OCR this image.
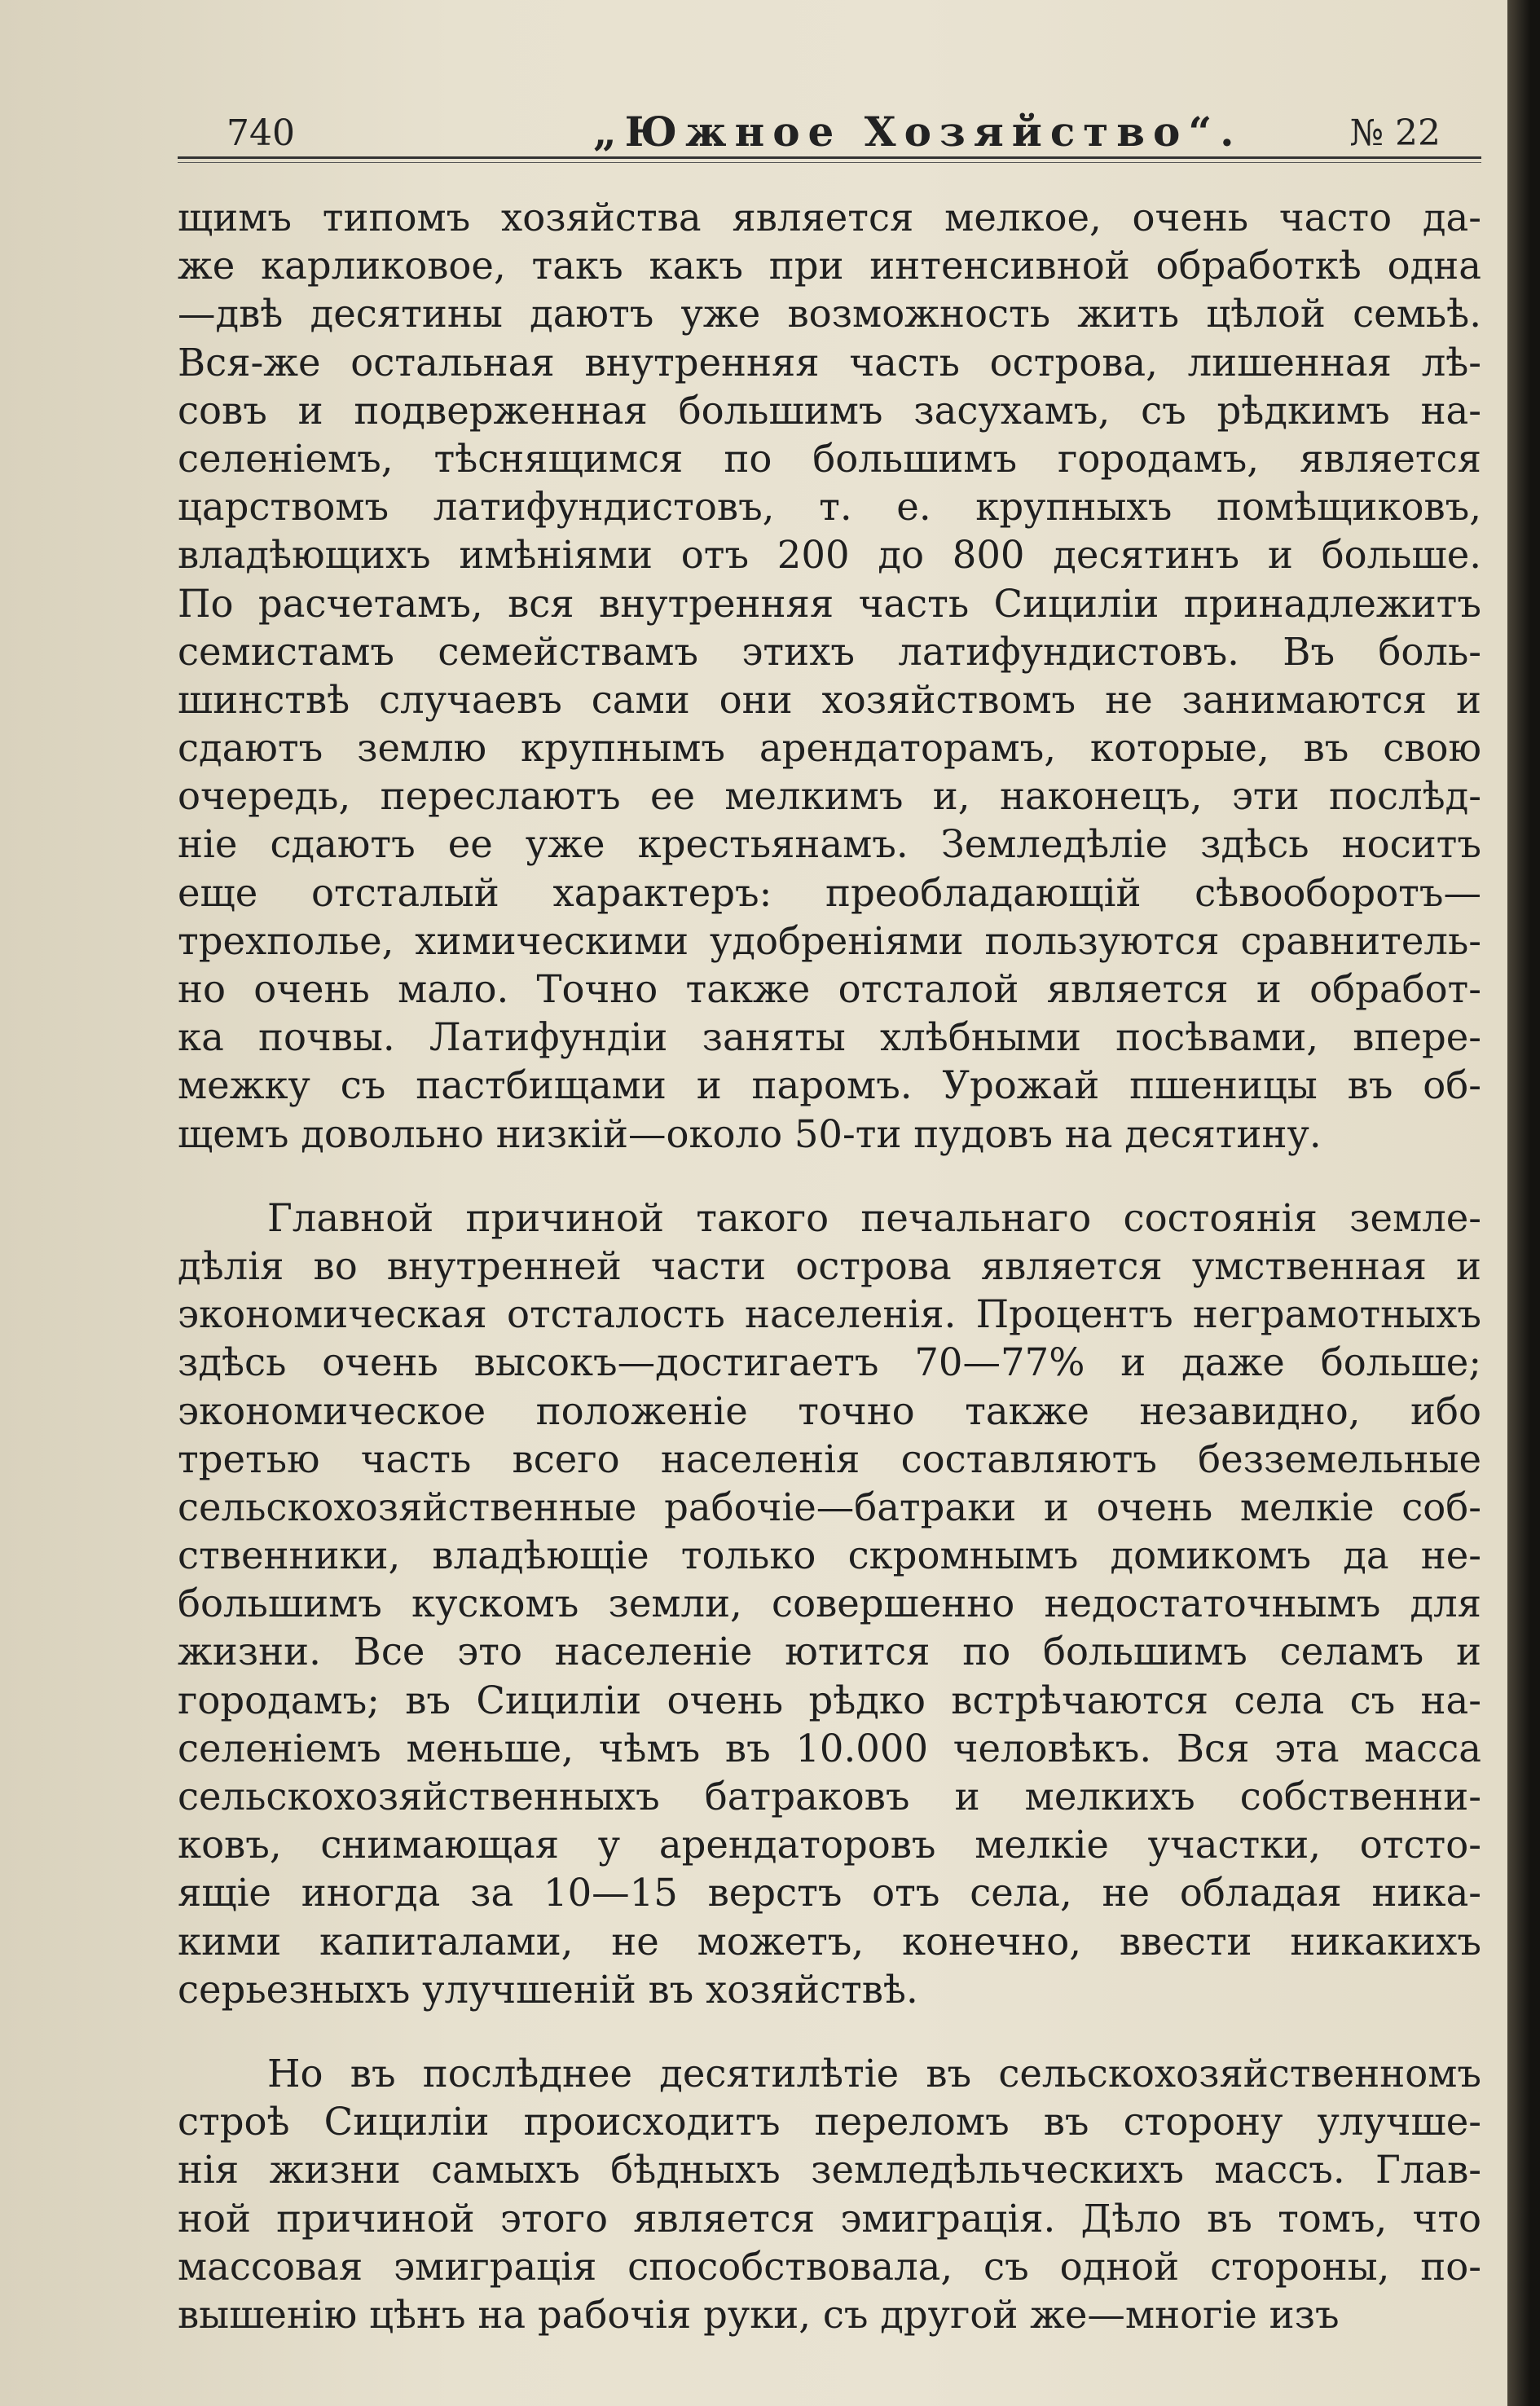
740	„Южное Хозяйство“.	№ 22
щимъ типомъ хозяйства является мелкое, очень часто да-
же карликовое, такъ какъ при интенсивной обработкѣ одна
—двѣ десятины даютъ уже возможность жить цѣлой семьѣ.
Вся-же остальная внутренняя часть острова, лишенная лѣ-
совъ и подверженная большимъ засухамъ, съ рѣдкимъ на-
селеніемъ, тѣснящимся по большимъ городамъ, является
царствомъ латифундистовъ, т. е. крупныхъ помѣщиковъ,
владѣющихъ имѣніями отъ 200 до 800 десятинъ и больше.
По расчетамъ, вся внутренняя часть Сициліи принадлежитъ
семистамъ семействамъ этихъ латифундистовъ. Въ боль-
шинствѣ случаевъ сами они хозяйствомъ не занимаются и
сдаютъ землю крупнымъ арендаторамъ, которые, въ свою
очередь, переслаютъ ее мелкимъ и, наконецъ, эти послѣд-
ніе сдаютъ ее уже крестьянамъ. Земледѣліе здѣсь носитъ
еще отсталый характеръ: преобладающій сѣвооборотъ—
трехполье, химическими удобреніями пользуются сравнитель-
но очень мало. Точно также отсталой является и обработ-
ка почвы. Латифундіи заняты хлѣбными посѣвами, впере-
межку съ пастбищами и паромъ. Урожай пшеницы въ об-
щемъ довольно низкій—около 50-ти пудовъ на десятину.
Главной причиной такого печальнаго состоянія земле-
дѣлія во внутренней части острова является умственная и
экономическая отсталость населенія. Процентъ неграмотныхъ
здѣсь очень высокъ—достигаетъ 70—77% и даже больше;
экономическое положеніе точно также незавидно, ибо
третью часть всего населенія составляютъ безземельные
сельскохозяйственные рабочіе—батраки и очень мелкіе соб-
ственники, владѣющіе только скромнымъ домикомъ да не-
большимъ кускомъ земли, совершенно недостаточнымъ для
жизни. Все это населеніе ютится по большимъ селамъ и
городамъ; въ Сициліи очень рѣдко встрѣчаются села съ на-
селеніемъ меньше, чѣмъ въ 10.000 человѣкъ. Вся эта масса
сельскохозяйственныхъ батраковъ и мелкихъ собственни-
ковъ, снимающая у арендаторовъ мелкіе участки, отсто-
ящіе иногда за 10—15 верстъ отъ села, не обладая ника-
кими капиталами, не можетъ, конечно, ввести никакихъ
серьезныхъ улучшеній въ хозяйствѣ.
Но въ послѣднее десятилѣтіе въ сельскохозяйственномъ
строѣ Сициліи происходитъ переломъ въ сторону улучше-
нія жизни самыхъ бѣдныхъ земледѣльческихъ массъ. Глав-
ной причиной этого является эмиграція. Дѣло въ томъ, что
массовая эмиграція способствовала, съ одной стороны, по-
вышенію цѣнъ на рабочія руки, съ другой же—многіе изъ
